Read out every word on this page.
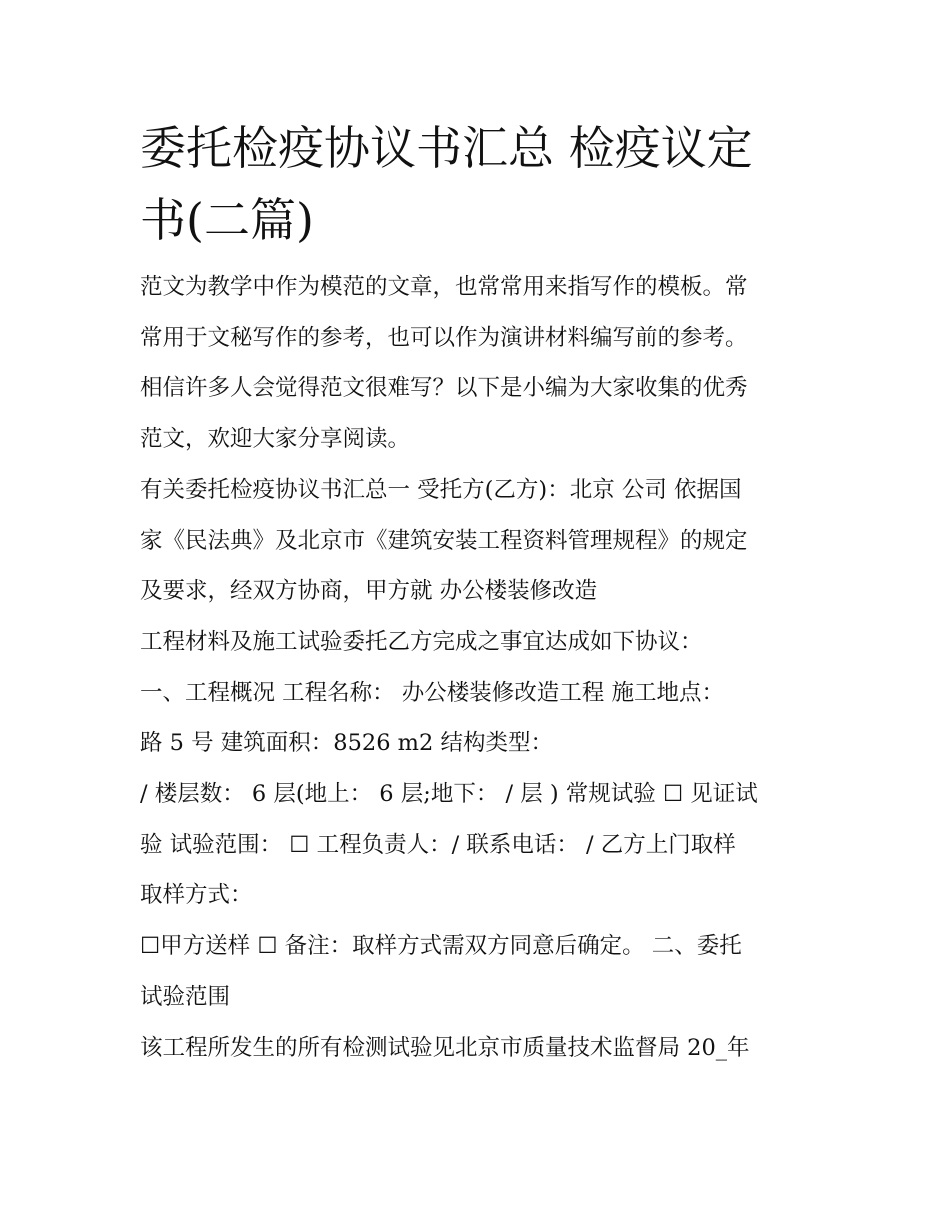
委托检疫协议书汇总 检疫议定
书(二篇)
范文为教学中作为模范的文章，也常常用来指写作的模板。常
常用于文秘写作的参考，也可以作为演讲材料编写前的参考。
相信许多人会觉得范文很难写？以下是小编为大家收集的优秀
范文，欢迎大家分享阅读。
有关委托检疫协议书汇总一 受托方(乙方)：北京 公司 依据国
家《民法典》及北京市《建筑安装工程资料管理规程》的规定
及要求，经双方协商，甲方就 办公楼装修改造
工程材料及施工试验委托乙方完成之事宜达成如下协议：
一、工程概况 工程名称： 办公楼装修改造工程 施工地点：
路 5 号 建筑面积：8526 m2 结构类型：
/ 楼层数： 6 层(地上： 6 层;地下： / 层 ) 常规试验 ☐ 见证试
验 试验范围： ☐ 工程负责人：/ 联系电话： / 乙方上门取样
取样方式：
☐甲方送样 ☐ 备注：取样方式需双方同意后确定。 二、委托
试验范围
该工程所发生的所有检测试验见北京市质量技术监督局 20_年
